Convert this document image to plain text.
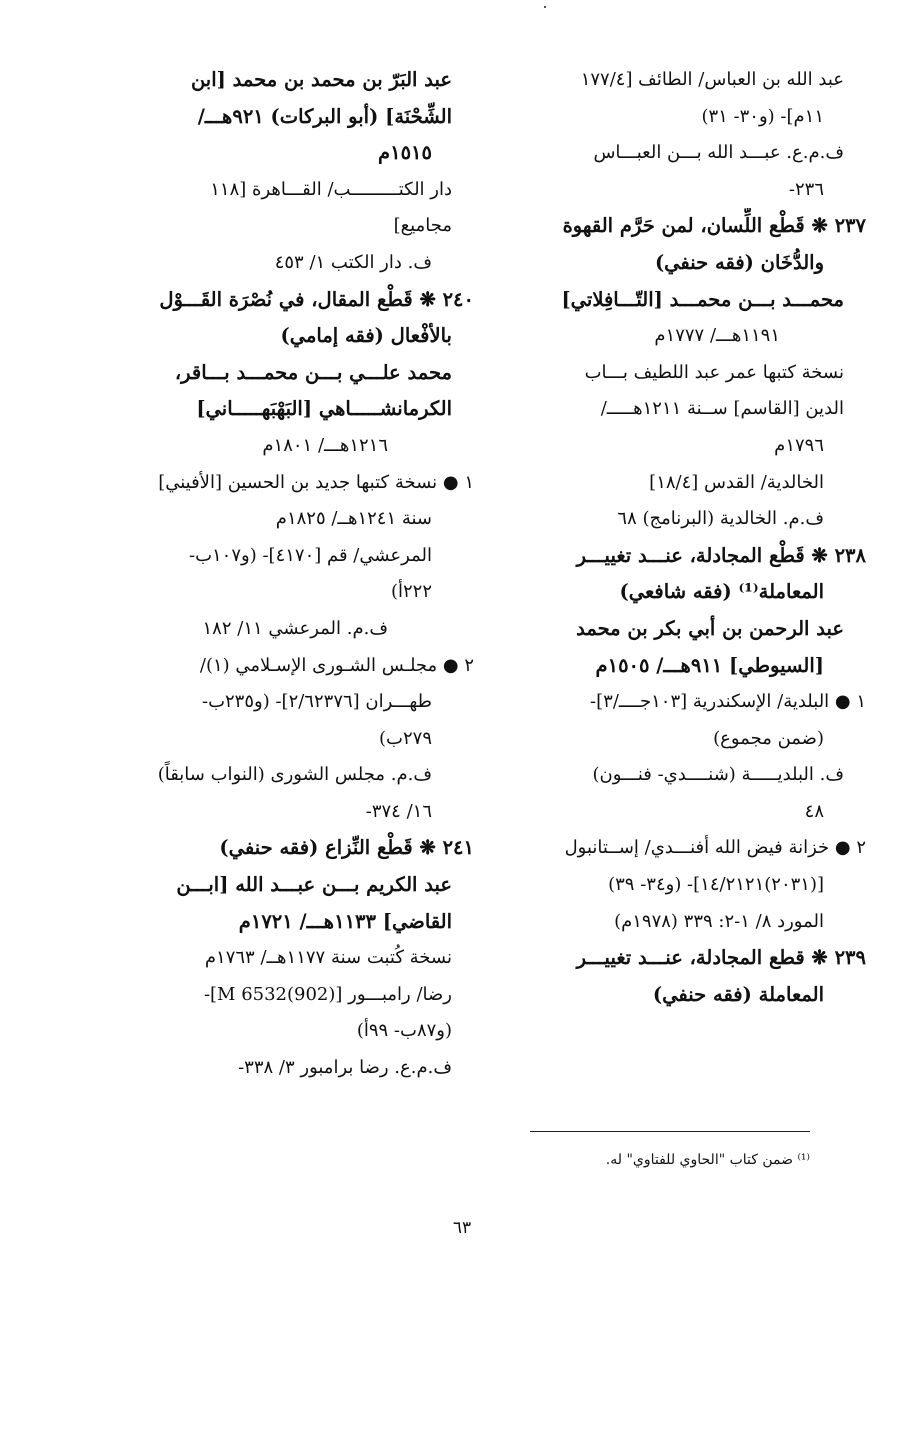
عبد الله بن العباس/ الطائف [١٧٧/٤
١١م]- (و٣٠- ٣١)
ف.م.ع. عبـــد الله بـــن العبـــاس
٢٣٦-
٢٣٧ ❋ قَطْع اللِّسان، لمن حَرَّم القهوة
والدُّخَان (فقه حنفي)
محمـــد بـــن محمـــد [التّـــافِلاتي]
١١٩١هـــ/ ١٧٧٧م
نسخة كتبها عمر عبد اللطيف بـــاب
الدين [القاسم] ســنة ١٢١١هـــــ/
١٧٩٦م
الخالدية/ القدس [١٨/٤]
ف.م. الخالدية (البرنامج) ٦٨
٢٣٨ ❋ قَطْع المجادلة، عنـــد تغييـــر
المعاملة⁽¹⁾ (فقه شافعي)
عبد الرحمن بن أبي بكر بن محمد
[السيوطي] ٩١١هـــ/ ١٥٠٥م
١ ● البلدية/ الإسكندرية [١٠٣جــــ/٣]-
(ضمن مجموع)
ف. البلديـــــة (شنــــدي- فنـــون)
٤٨
٢ ● خزانة فيض الله أفنـــدي/ إســتانبول
[(٢٠٣١)١٤/٢١٢١]- (و٣٤- ٣٩)
المورد ٨/ ١-٢: ٣٣٩ (١٩٧٨م)
٢٣٩ ❋ قطع المجادلة، عنـــد تغييـــر
المعاملة (فقه حنفي)
عبد البَرّ بن محمد بن محمد [ابن
الشِّحْنَة] (أبو البركات) ٩٢١هـــ/
١٥١٥م
دار الكتـــــــــب/ القـــاهرة [١١٨
مجاميع]
ف. دار الكتب ١/ ٤٥٣
٢٤٠ ❋ قَطْع المقال، في نُصْرَة القَـــوْل
بالأفْعال (فقه إمامي)
محمد علـــي بـــن محمـــد بـــاقر،
الكرمانشـــــاهي [البَهْبَهـــــاني]
١٢١٦هـــ/ ١٨٠١م
١ ● نسخة كتبها جديد بن الحسين [الأفيني]
سنة ١٢٤١هــ/ ١٨٢٥م
المرعشي/ قم [٤١٧٠]- (و١٠٧ب-
٢٢٢أ)
ف.م. المرعشي ١١/ ١٨٢
٢ ● مجلـس الشـورى الإسـلامي (١)/
طهـــران [٢/٦٢٣٧٦]- (و٢٣٥ب-
٢٧٩ب)
ف.م. مجلس الشورى (النواب سابقاً)
١٦/ ٣٧٤-
٢٤١ ❋ قَطْع النِّزاع (فقه حنفي)
عبد الكريم بـــن عبـــد الله [ابـــن
القاضي] ١١٣٣هـــ/ ١٧٢١م
نسخة كُتبت سنة ١١٧٧هــ/ ١٧٦٣م
رضا/ رامبـــور [M 6532(902)]-
(و٨٧ب- ٩٩أ)
ف.م.ع. رضا برامبور ٣/ ٣٣٨-
⁽¹⁾ ضمن كتاب "الحاوي للفتاوي" له.
٦٣
